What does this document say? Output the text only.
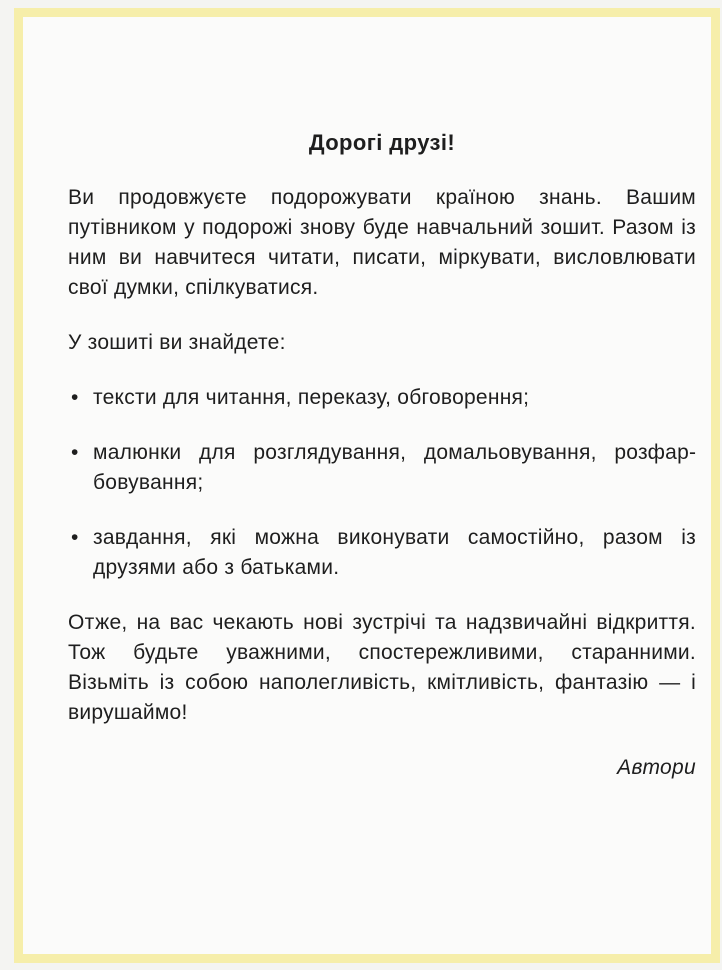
Дорогі друзі!

Ви продовжуєте подорожувати країною знань. Вашим путівником у подорожі знову буде навчальний зошит. Разом із ним ви навчитеся читати, писати, міркувати, висловлювати свої думки, спілкуватися.

У зошиті ви знайдете:

• тексти для читання, переказу, обговорення;
• малюнки для розглядування, домальовування, розфарбовування;
• завдання, які можна виконувати самостійно, разом із друзями або з батьками.

Отже, на вас чекають нові зустрічі та надзвичайні відкриття. Тож будьте уважними, спостережливими, старанними. Візьміть із собою наполегливість, кмітливість, фантазію — і вирушаймо!

Автори
